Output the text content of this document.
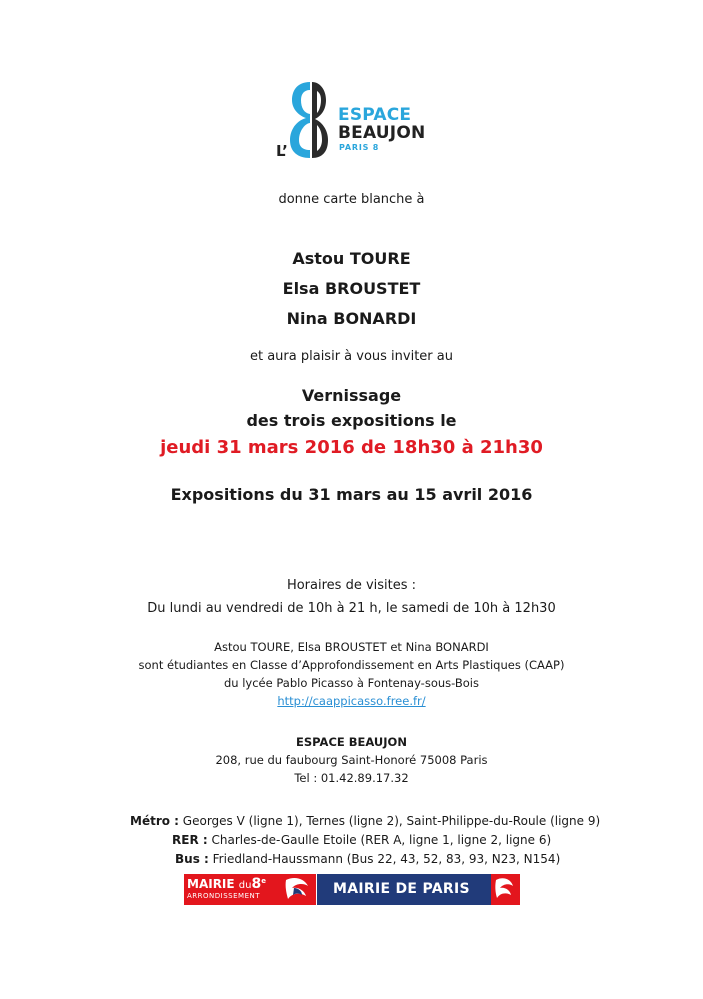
L’
ESPACE
BEAUJON
PARIS 8
donne carte blanche à
Astou TOURE
Elsa BROUSTET
Nina BONARDI
et aura plaisir à vous inviter au
Vernissage
des trois expositions le
jeudi 31 mars 2016 de 18h30 à 21h30
Expositions du 31 mars au 15 avril 2016
Horaires de visites :
Du lundi au vendredi de 10h à 21 h, le samedi de 10h à 12h30
Astou TOURE, Elsa BROUSTET et Nina BONARDI
sont étudiantes en Classe d’Approfondissement en Arts Plastiques (CAAP)
du lycée Pablo Picasso à Fontenay-sous-Bois
http://caappicasso.free.fr/
ESPACE BEAUJON
208, rue du faubourg Saint-Honoré 75008 Paris
Tel : 01.42.89.17.32
Métro : Georges V (ligne 1), Ternes (ligne 2), Saint-Philippe-du-Roule (ligne 9)
RER : Charles-de-Gaulle Etoile (RER A, ligne 1, ligne 2, ligne 6)
Bus : Friedland-Haussmann (Bus 22, 43, 52, 83, 93, N23, N154)
MAIRIE du8e
ARRONDISSEMENT	MAIRIE DE PARIS
